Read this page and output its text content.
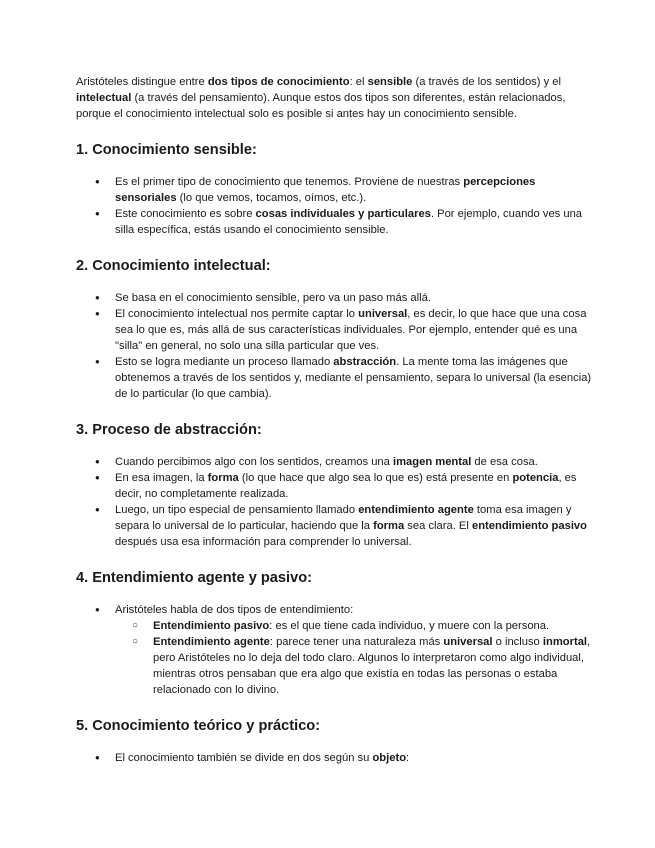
Aristóteles distingue entre dos tipos de conocimiento: el sensible (a través de los sentidos) y el intelectual (a través del pensamiento). Aunque estos dos tipos son diferentes, están relacionados, porque el conocimiento intelectual solo es posible si antes hay un conocimiento sensible.

1. Conocimiento sensible:
● Es el primer tipo de conocimiento que tenemos. Proviene de nuestras percepciones sensoriales (lo que vemos, tocamos, oímos, etc.).
● Este conocimiento es sobre cosas individuales y particulares. Por ejemplo, cuando ves una silla específica, estás usando el conocimiento sensible.
2. Conocimiento intelectual:
● Se basa en el conocimiento sensible, pero va un paso más allá.
● El conocimiento intelectual nos permite captar lo universal, es decir, lo que hace que una cosa sea lo que es, más allá de sus características individuales. Por ejemplo, entender qué es una "silla" en general, no solo una silla particular que ves.
● Esto se logra mediante un proceso llamado abstracción. La mente toma las imágenes que obtenemos a través de los sentidos y, mediante el pensamiento, separa lo universal (la esencia) de lo particular (lo que cambia).
3. Proceso de abstracción:
● Cuando percibimos algo con los sentidos, creamos una imagen mental de esa cosa.
● En esa imagen, la forma (lo que hace que algo sea lo que es) está presente en potencia, es decir, no completamente realizada.
● Luego, un tipo especial de pensamiento llamado entendimiento agente toma esa imagen y separa lo universal de lo particular, haciendo que la forma sea clara. El entendimiento pasivo después usa esa información para comprender lo universal.
4. Entendimiento agente y pasivo:
● Aristóteles habla de dos tipos de entendimiento:
○ Entendimiento pasivo: es el que tiene cada individuo, y muere con la persona.
○ Entendimiento agente: parece tener una naturaleza más universal o incluso inmortal, pero Aristóteles no lo deja del todo claro. Algunos lo interpretaron como algo individual, mientras otros pensaban que era algo que existía en todas las personas o estaba relacionado con lo divino.
5. Conocimiento teórico y práctico:
● El conocimiento también se divide en dos según su objeto:
